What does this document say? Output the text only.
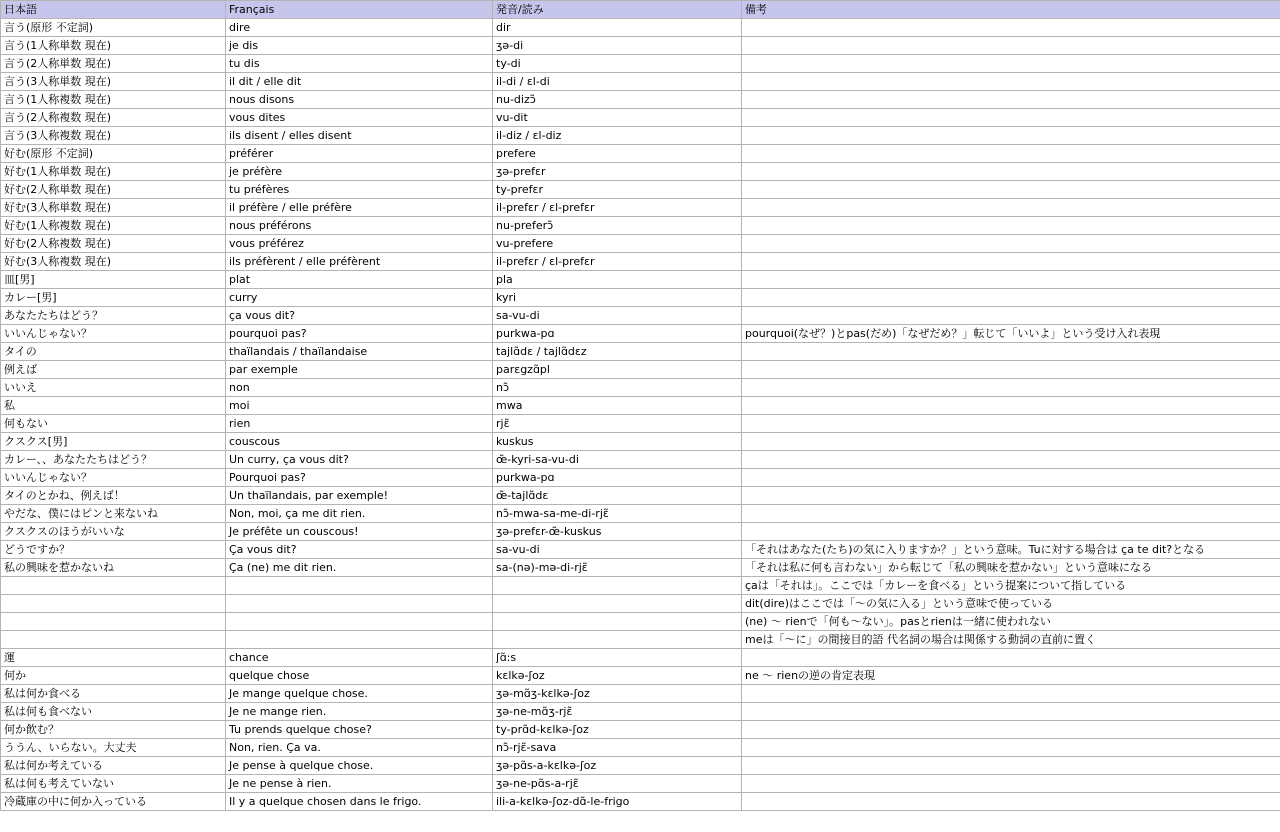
日本語	Français	発音/読み	備考
言う(原形 不定詞)	dire	dir	
言う(1人称単数 現在)	je dis	ʒə-di	
言う(2人称単数 現在)	tu dis	ty-di	
言う(3人称単数 現在)	il dit / elle dit	il-di / ɛl-di	
言う(1人称複数 現在)	nous disons	nu-dizɔ̃	
言う(2人称複数 現在)	vous dites	vu-dit	
言う(3人称複数 現在)	ils disent / elles disent	il-diz / ɛl-diz	
好む(原形 不定詞)	préférer	prefere	
好む(1人称単数 現在)	je préfère	ʒə-prefɛr	
好む(2人称単数 現在)	tu préfères	ty-prefɛr	
好む(3人称単数 現在)	il préfère / elle préfère	il-prefɛr / ɛl-prefɛr	
好む(1人称複数 現在)	nous préférons	nu-preferɔ̃	
好む(2人称複数 現在)	vous préférez	vu-prefere	
好む(3人称複数 現在)	ils préfèrent / elle préfèrent	il-prefɛr / ɛl-prefɛr	
皿[男]	plat	pla	
カレー[男]	curry	kyri	
あなたたちはどう？	ça vous dit?	sa-vu-di	
いいんじゃない？	pourquoi pas?	purkwa-pɑ	pourquoi(なぜ？)とpas(だめ)「なぜだめ？」転じて「いいよ」という受け入れ表現
タイの	thaïlandais / thaïlandaise	tajlɑ̃dɛ / tajlɑ̃dɛz	
例えば	par exemple	parɛgzɑ̃pl	
いいえ	non	nɔ̃	
私	moi	mwa	
何もない	rien	rjɛ̃	
クスクス[男]	couscous	kuskus	
カレー、、あなたたちはどう？	Un curry, ça vous dit?	œ̃-kyri-sa-vu-di	
いいんじゃない？	Pourquoi pas?	purkwa-pɑ	
タイのとかね、例えば！	Un thaïlandais, par exemple!	œ̃-tajlɑ̃dɛ	
やだな、僕にはピンと来ないね	Non, moi, ça me dit rien.	nɔ̃-mwa-sa-me-di-rjɛ̃	
クスクスのほうがいいな	Je préfête un couscous!	ʒə-prefɛr-œ̃-kuskus	
どうですか？	Ça vous dit?	sa-vu-di	「それはあなた(たち)の気に入りますか？」という意味。Tuに対する場合は ça te dit?となる
私の興味を惹かないね	Ça (ne) me dit rien.	sa-(nə)-mə-di-rjɛ̃	「それは私に何も言わない」から転じて「私の興味を惹かない」という意味になる
			çaは「それは」。ここでは「カレーを食べる」という提案について指している
			dit(dire)はここでは「～の気に入る」という意味で使っている
			(ne) ～ rienで「何も～ない」。pasとrienは一緒に使われない
			meは「～に」の間接目的語 代名詞の場合は関係する動詞の直前に置く
運	chance	ʃɑ̃:s	
何か	quelque chose	kɛlkə-ʃoz	ne ～ rienの逆の肯定表現
私は何か食べる	Je mange quelque chose.	ʒə-mɑ̃ʒ-kɛlkə-ʃoz	
私は何も食べない	Je ne mange rien.	ʒə-ne-mɑ̃ʒ-rjɛ̃	
何か飲む？	Tu prends quelque chose?	ty-prɑ̃d-kɛlkə-ʃoz	
ううん、いらない。大丈夫	Non, rien. Ça va.	nɔ̃-rjɛ̃-sava	
私は何か考えている	Je pense à quelque chose.	ʒə-pɑ̃s-a-kɛlkə-ʃoz	
私は何も考えていない	Je ne pense à rien.	ʒə-ne-pɑ̃s-a-rjɛ̃	
冷蔵庫の中に何か入っている	Il y a quelque chosen dans le frigo.	ili-a-kɛlkə-ʃoz-dɑ̃-le-frigo	
